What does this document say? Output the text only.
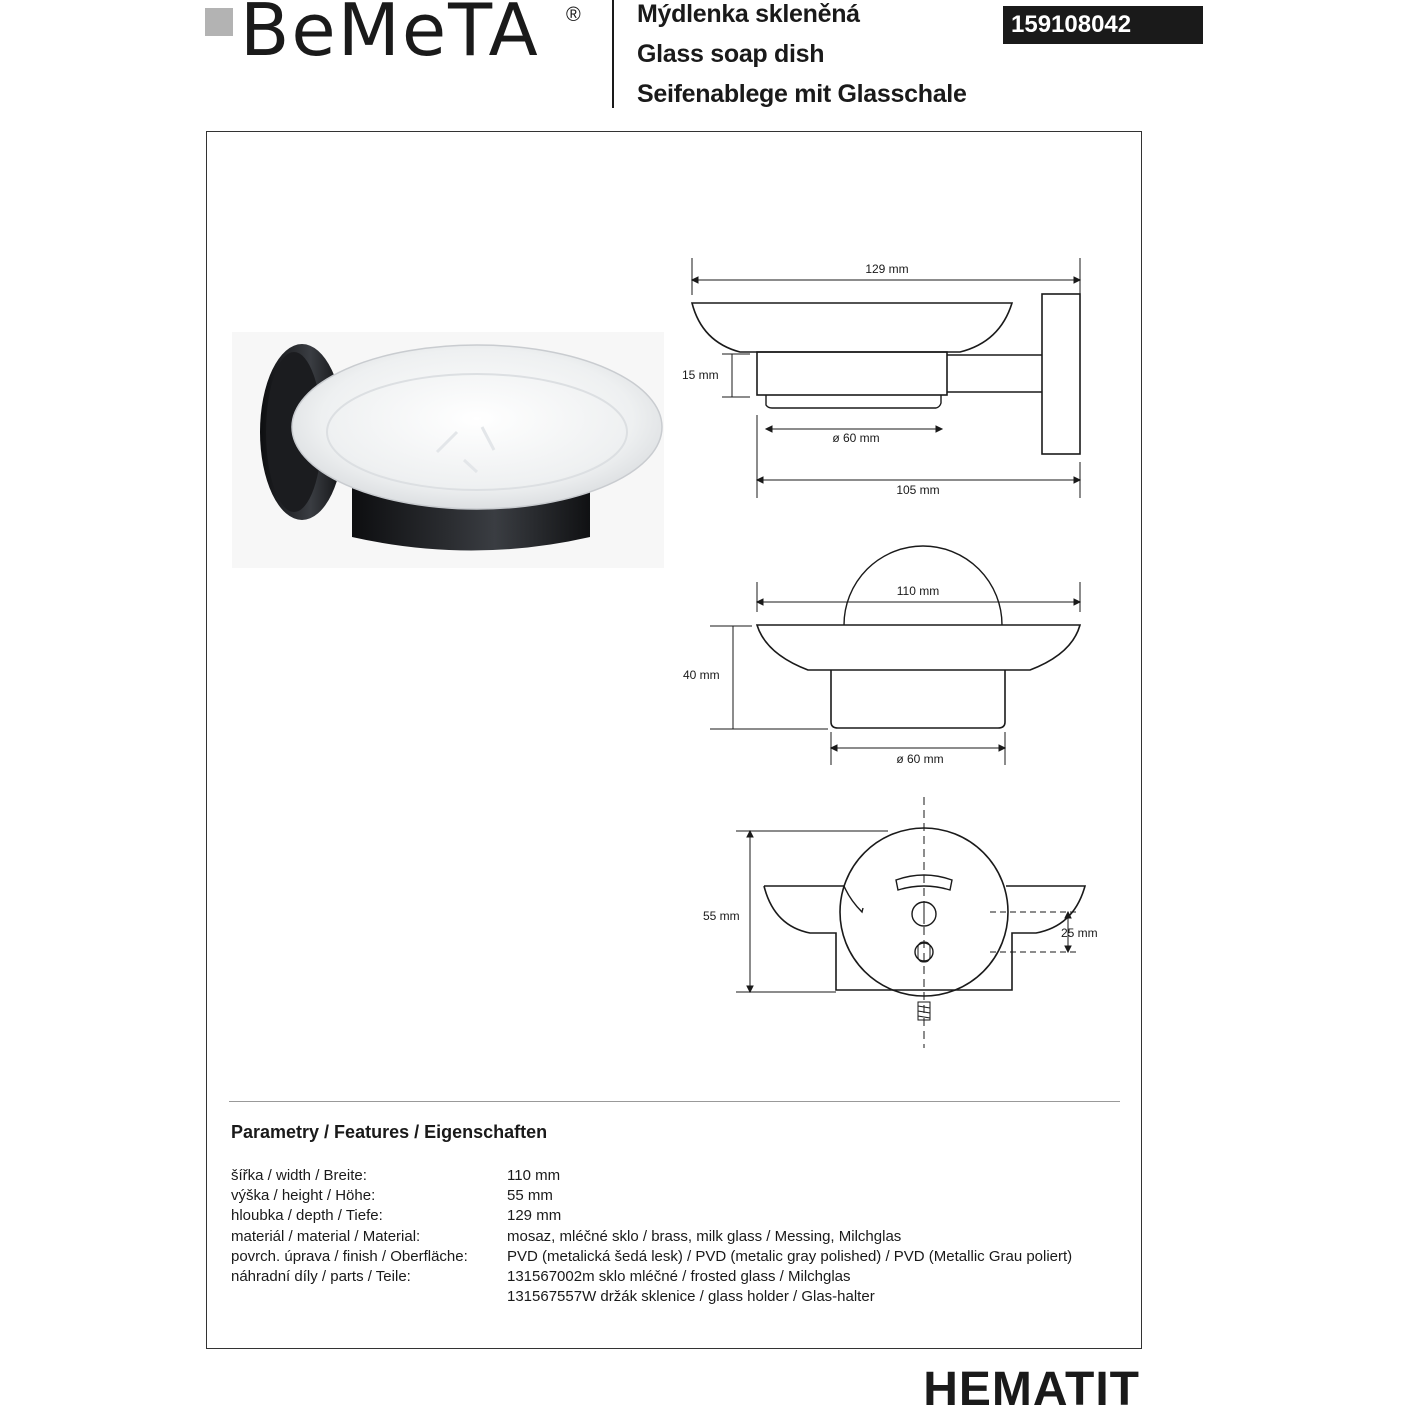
BeMeTA ® Mýdlenka skleněná
Glass soap dish
Seifenablege mit Glasschale
159108042
129 mm
15 mm
ø 60 mm
105 mm
110 mm
40 mm
ø 60 mm
55 mm
25 mm
Parametry / Features / Eigenschaften
šířka / width / Breite:	110 mm
výška / height / Höhe:	55 mm
hloubka / depth / Tiefe:	129 mm
materiál / material / Material:	mosaz, mléčné sklo / brass, milk glass / Messing, Milchglas
povrch. úprava / finish / Oberfläche:	PVD (metalická šedá lesk) / PVD (metalic gray polished) / PVD (Metallic Grau poliert)
náhradní díly / parts / Teile:	131567002m sklo mléčné / frosted glass / Milchglas
131567557W držák sklenice / glass holder / Glas-halter
HEMATIT
